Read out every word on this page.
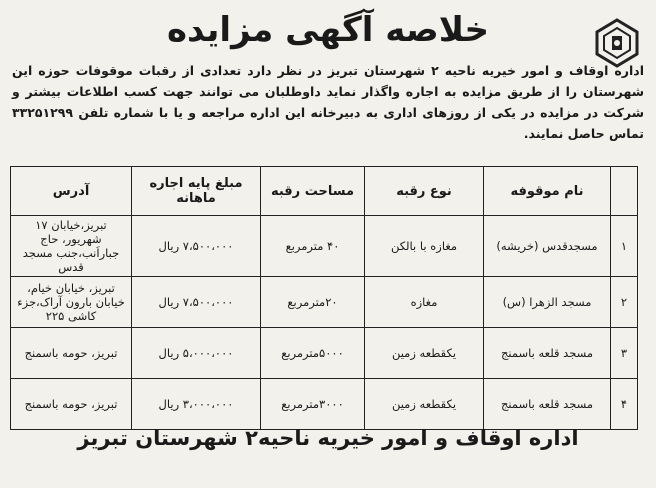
خلاصه آگهی مزایده
اداره اوقاف و امور خیریه ناحیه ۲ شهرستان تبریز در نظر دارد تعدادی از رقبات موقوفات حوزه این شهرستان را از طریق مزایده به اجاره واگذار نماید داوطلبان می توانند جهت کسب اطلاعات بیشتر و شرکت در مزایده در یکی از روزهای اداری به دبیرخانه این اداره مراجعه و یا با شماره تلفن ۳۳۲۵۱۲۹۹ تماس حاصل نمایند.
	نام موقوفه	نوع رقبه	مساحت رقبه	مبلغ پایه اجاره ماهانه	آدرس
۱	مسجدقدس (خریشه)	مغازه با بالکن	۴۰ مترمربع	۷،۵۰۰،۰۰۰ ریال	تبریز،خیابان ۱۷ شهریور، حاج جباراَنب،جنب مسجد قدس
۲	مسجد الزهرا (س)	مغازه	۲۰مترمربع	۷،۵۰۰،۰۰۰ ریال	تبریز، خیابان خیام، خیابان بارون آراک،جزء کاشی ۲۲۵
۳	مسجد قلعه باسمنج	یکقطعه زمین	۵۰۰۰مترمربع	۵،۰۰۰،۰۰۰ ریال	تبریز، حومه باسمنج
۴	مسجد قلعه باسمنج	یکقطعه زمین	۳۰۰۰مترمربع	۳،۰۰۰،۰۰۰ ریال	تبریز، حومه باسمنج
اداره اوقاف و امور خیریه ناحیه۲ شهرستان تبریز
